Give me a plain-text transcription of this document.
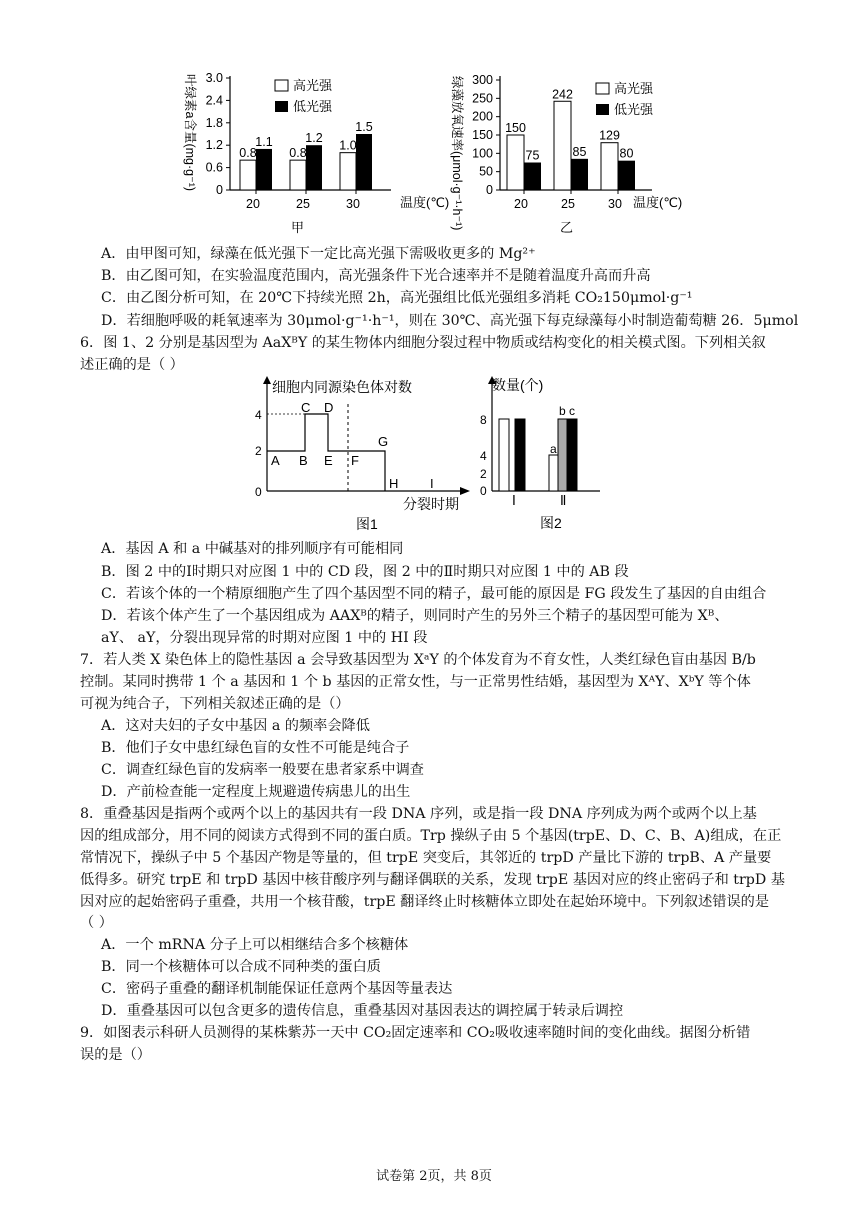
3.0
2.4
1.8
1.2
0.6
0
0.8
1.1
20
0.8
1.2
25
1.0
1.5
30	温度(℃)
甲
高光强
低光强
叶绿素a含量(mg·g⁻¹)	300
250
200
150
100
50
0
150
75
20
242
85
25
129
80
30 温度(℃)
乙
高光强
低光强
绿藻放氧速率(μmol·g⁻¹·h⁻¹)
A．由甲图可知，绿藻在低光强下一定比高光强下需吸收更多的 Mg²⁺
B．由乙图可知，在实验温度范围内，高光强条件下光合速率并不是随着温度升高而升高
C．由乙图分析可知，在 20℃下持续光照 2h，高光强组比低光强组多消耗 CO₂150μmol·g⁻¹
D．若细胞呼吸的耗氧速率为 30μmol·g⁻¹·h⁻¹，则在 30℃、高光强下每克绿藻每小时制造葡萄糖 26．5μmol
6．图 1、2 分别是基因型为 AaXᴮY 的某生物体内细胞分裂过程中物质或结构变化的相关模式图。下列相关叙
述正确的是（ ）
细胞内同源染色体对数
4
2
0
A B
C D
E F
G
H I
分裂时期
图1
数量(个)
8
4
2
0
a
b c
Ⅰ	Ⅱ
图2
A．基因 A 和 a 中碱基对的排列顺序有可能相同
B．图 2 中的Ⅰ时期只对应图 1 中的 CD 段，图 2 中的Ⅱ时期只对应图 1 中的 AB 段
C．若该个体的一个精原细胞产生了四个基因型不同的精子，最可能的原因是 FG 段发生了基因的自由组合
D．若该个体产生了一个基因组成为 AAXᴮ的精子，则同时产生的另外三个精子的基因型可能为 Xᴮ、
aY、 aY，分裂出现异常的时期对应图 1 中的 HI 段
7．若人类 X 染色体上的隐性基因 a 会导致基因型为 XᵃY 的个体发育为不育女性，人类红绿色盲由基因 B/b
控制。某同时携带 1 个 a 基因和 1 个 b 基因的正常女性，与一正常男性结婚，基因型为 XᴬY、XᵇY 等个体
可视为纯合子，下列相关叙述正确的是（）
A．这对夫妇的子女中基因 a 的频率会降低
B．他们子女中患红绿色盲的女性不可能是纯合子
C．调查红绿色盲的发病率一般要在患者家系中调查
D．产前检查能一定程度上规避遗传病患儿的出生
8．重叠基因是指两个或两个以上的基因共有一段 DNA 序列，或是指一段 DNA 序列成为两个或两个以上基
因的组成部分，用不同的阅读方式得到不同的蛋白质。Trp 操纵子由 5 个基因(trpE、D、C、B、A)组成，在正
常情况下，操纵子中 5 个基因产物是等量的，但 trpE 突变后，其邻近的 trpD 产量比下游的 trpB、A 产量要
低得多。研究 trpE 和 trpD 基因中核苷酸序列与翻译偶联的关系，发现 trpE 基因对应的终止密码子和 trpD 基
因对应的起始密码子重叠，共用一个核苷酸，trpE 翻译终止时核糖体立即处在起始环境中。下列叙述错误的是
（ ）
A．一个 mRNA 分子上可以相继结合多个核糖体
B．同一个核糖体可以合成不同种类的蛋白质
C．密码子重叠的翻译机制能保证任意两个基因等量表达
D．重叠基因可以包含更多的遗传信息，重叠基因对基因表达的调控属于转录后调控
9．如图表示科研人员测得的某株紫苏一天中 CO₂固定速率和 CO₂吸收速率随时间的变化曲线。据图分析错
误的是（）
试卷第 2页，共 8页
